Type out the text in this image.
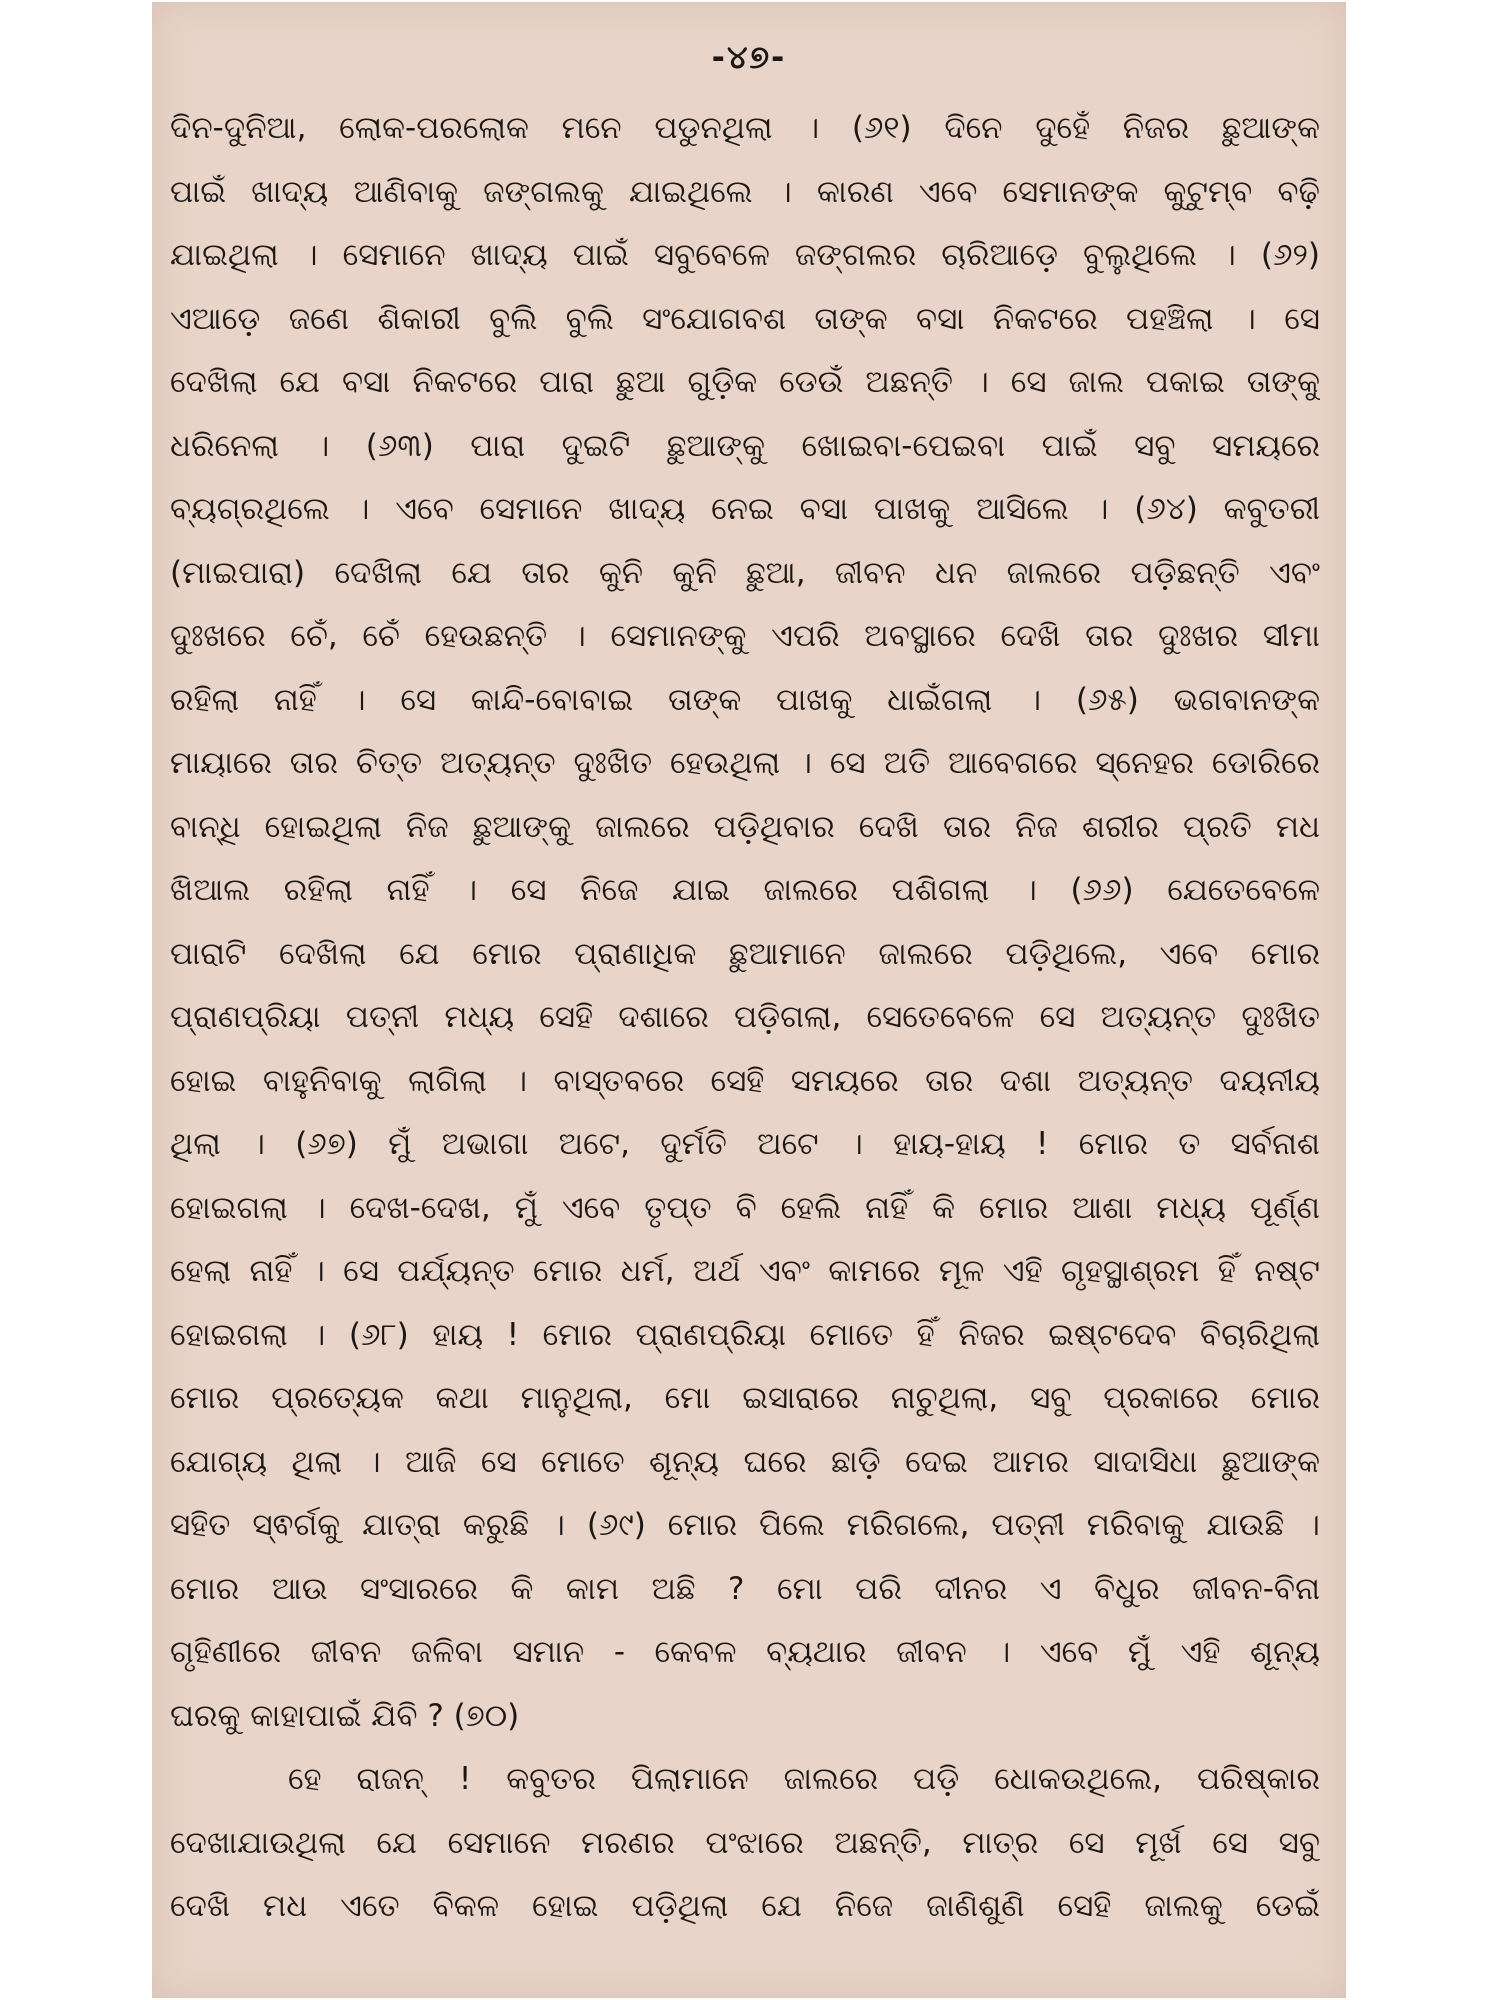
-୪୭-
ଦିନ-ଦୁନିଆ, ଲୋକ-ପରଲୋକ ମନେ ପଡୁନଥିଲା । (୬୧) ଦିନେ ଦୁହେଁ ନିଜର ଛୁଆଙ୍କ
ପାଇଁ ଖାଦ୍ୟ ଆଣିବାକୁ ଜଙ୍ଗଲକୁ ଯାଇଥିଲେ । କାରଣ ଏବେ ସେମାନଙ୍କ କୁଟୁମ୍ବ ବଢ଼ି
ଯାଇଥିଲା । ସେମାନେ ଖାଦ୍ୟ ପାଇଁ ସବୁବେଳେ ଜଙ୍ଗଲର ଚାରିଆଡ଼େ ବୁଲୁଥିଲେ । (୬୨)
ଏଆଡ଼େ ଜଣେ ଶିକାରୀ ବୁଲି ବୁଲି ସଂଯୋଗବଶ ତାଙ୍କ ବସା ନିକଟରେ ପହଞ୍ଚିଲା । ସେ
ଦେଖିଲା ଯେ ବସା ନିକଟରେ ପାରା ଛୁଆ ଗୁଡ଼ିକ ଡେଉଁ ଅଛନ୍ତି । ସେ ଜାଲ ପକାଇ ତାଙ୍କୁ
ଧରିନେଲା । (୬୩) ପାରା ଦୁଇଟି ଛୁଆଙ୍କୁ ଖୋଇବା-ପେଇବା ପାଇଁ ସବୁ ସମୟରେ
ବ୍ୟଗ୍ରଥିଲେ । ଏବେ ସେମାନେ ଖାଦ୍ୟ ନେଇ ବସା ପାଖକୁ ଆସିଲେ । (୬୪) କବୁତରୀ
(ମାଇପାରା) ଦେଖିଲା ଯେ ତାର କୁନି କୁନି ଛୁଆ, ଜୀବନ ଧନ ଜାଲରେ ପଡ଼ିଛନ୍ତି ଏବଂ
ଦୁଃଖରେ ଚେଁ, ଚେଁ ହେଉଛନ୍ତି । ସେମାନଙ୍କୁ ଏପରି ଅବସ୍ଥାରେ ଦେଖି ତାର ଦୁଃଖର ସୀମା
ରହିଲା ନାହିଁ । ସେ କାନ୍ଦି-ବୋବାଇ ତାଙ୍କ ପାଖକୁ ଧାଇଁଗଲା । (୬୫) ଭଗବାନଙ୍କ
ମାୟାରେ ତାର ଚିତ୍ତ ଅତ୍ୟନ୍ତ ଦୁଃଖିତ ହେଉଥିଲା । ସେ ଅତି ଆବେଗରେ ସ୍ନେହର ଡୋରିରେ
ବାନ୍ଧି ହୋଇଥିଲା ନିଜ ଛୁଆଙ୍କୁ ଜାଲରେ ପଡ଼ିଥିବାର ଦେଖି ତାର ନିଜ ଶରୀର ପ୍ରତି ମଧ
ଖିଆଲ ରହିଲା ନାହିଁ । ସେ ନିଜେ ଯାଇ ଜାଲରେ ପଶିଗଲା । (୬୬) ଯେତେବେଳେ
ପାରାଟି ଦେଖିଲା ଯେ ମୋର ପ୍ରାଣାଧିକ ଛୁଆମାନେ ଜାଲରେ ପଡ଼ିଥିଲେ, ଏବେ ମୋର
ପ୍ରାଣପ୍ରିୟା ପତ୍ନୀ ମଧ୍ୟ ସେହି ଦଶାରେ ପଡ଼ିଗଲା, ସେତେବେଳେ ସେ ଅତ୍ୟନ୍ତ ଦୁଃଖିତ
ହୋଇ ବାହୁନିବାକୁ ଲାଗିଲା । ବାସ୍ତବରେ ସେହି ସମୟରେ ତାର ଦଶା ଅତ୍ୟନ୍ତ ଦୟନୀୟ
ଥିଲା । (୬୭) ମୁଁ ଅଭାଗା ଅଟେ, ଦୁର୍ମତି ଅଟେ । ହାୟ-ହାୟ ! ମୋର ତ ସର୍ବନାଶ
ହୋଇଗଲା । ଦେଖ-ଦେଖ, ମୁଁ ଏବେ ତୃପ୍ତ ବି ହେଲି ନାହିଁ କି ମୋର ଆଶା ମଧ୍ୟ ପୂର୍ଣ୍ଣ
ହେଲା ନାହିଁ । ସେ ପର୍ଯ୍ୟନ୍ତ ମୋର ଧର୍ମ, ଅର୍ଥ ଏବଂ କାମରେ ମୂଳ ଏହି ଗୃହସ୍ଥାଶ୍ରମ ହିଁ ନଷ୍ଟ
ହୋଇଗଲା । (୬୮) ହାୟ ! ମୋର ପ୍ରାଣପ୍ରିୟା ମୋତେ ହିଁ ନିଜର ଇଷ୍ଟଦେବ ବିଚାରିଥିଲା
ମୋର ପ୍ରତ୍ୟେକ କଥା ମାନୁଥିଲା, ମୋ ଇସାରାରେ ନାଚୁଥିଲା, ସବୁ ପ୍ରକାରେ ମୋର
ଯୋଗ୍ୟ ଥିଲା । ଆଜି ସେ ମୋତେ ଶୂନ୍ୟ ଘରେ ଛାଡ଼ି ଦେଇ ଆମର ସାଦାସିଧା ଛୁଆଙ୍କ
ସହିତ ସ୍ଵର୍ଗକୁ ଯାତ୍ରା କରୁଛି । (୬୯) ମୋର ପିଲେ ମରିଗଲେ, ପତ୍ନୀ ମରିବାକୁ ଯାଉଛି ।
ମୋର ଆଉ ସଂସାରରେ କି କାମ ଅଛି ? ମୋ ପରି ଦୀନର ଏ ବିଧୁର ଜୀବନ-ବିନା
ଗୃହିଣୀରେ ଜୀବନ ଜଳିବା ସମାନ - କେବଳ ବ୍ୟଥାର ଜୀବନ । ଏବେ ମୁଁ ଏହି ଶୂନ୍ୟ
ଘରକୁ କାହାପାଇଁ ଯିବି ? (୭୦)
ହେ ରାଜନ୍ ! କବୁତର ପିଲାମାନେ ଜାଲରେ ପଡ଼ି ଧୋକଉଥିଲେ, ପରିଷ୍କାର
ଦେଖାଯାଉଥିଲା ଯେ ସେମାନେ ମରଣର ପଂଝାରେ ଅଛନ୍ତି, ମାତ୍ର ସେ ମୂର୍ଖ ସେ ସବୁ
ଦେଖି ମଧ ଏତେ ବିକଳ ହୋଇ ପଡ଼ିଥିଲା ଯେ ନିଜେ ଜାଣିଶୁଣି ସେହି ଜାଲକୁ ଡେଇଁ
